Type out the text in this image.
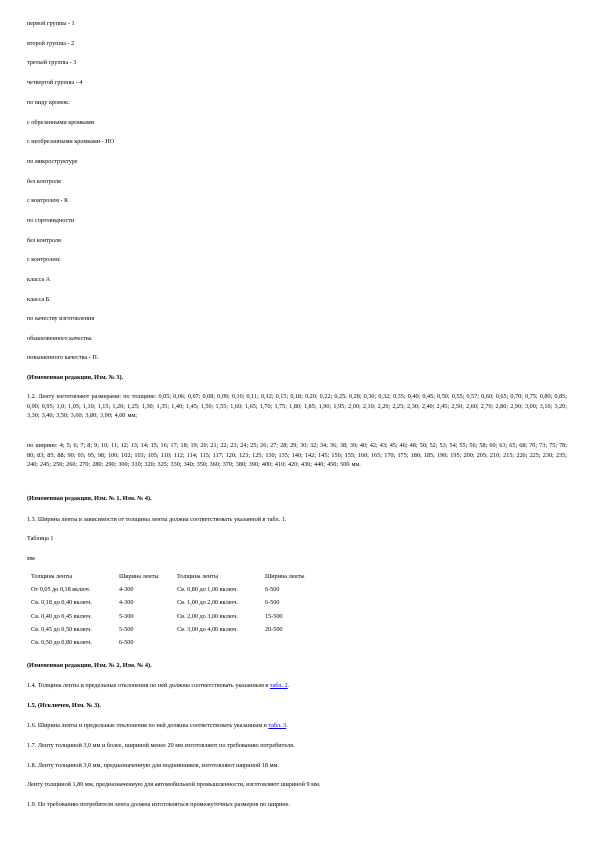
первой группы - 1
второй группы - 2
третьей группы - 3
четвертой группы - 4
по виду кромок:
с обрезанными кромками
с необрезанными кромками - НО
по микроструктуре
без контроля
с контролем - К
по сортовидности
без контроля
с контролем:
класса А
класса Б.
по качеству изготовления
обыкновенного качества
повышенного качества - П.
(Измененная редакция, Изм. № 3).
1.2. Ленту изготовляют размерами: по толщине: 0,05; 0,06; 0,07; 0,08; 0,09; 0,10; 0,11; 0,12; 0,15; 0,18; 0,20; 0,22; 0,25; 0,28; 0,30; 0,32; 0,35; 0,40; 0,45; 0,50; 0,55; 0,57; 0,60; 0,65; 0,70; 0,75; 0,80; 0,85; 0,90; 0,95; 1,0; 1,05; 1,10; 1,15; 1,20; 1,25; 1,30; 1,35; 1,40; 1,45; 1,50; 1,55; 1,60; 1,65; 1,70; 1,75; 1,80; 1,85; 1,90; 1,95; 2,00; 2,10; 2,20; 2,25; 2,30; 2,40; 2,45; 2,50; 2,60; 2,70; 2,80; 2,90; 3,00; 3,10; 3,20; 3,30; 3,40; 3,50; 3,60; 3,80; 3,90; 4,00 мм;
по ширине: 4; 5; 6; 7; 8; 9; 10; 11; 12; 13; 14; 15; 16; 17; 18; 19; 20; 21; 22; 23; 24; 25; 26; 27; 28; 29; 30; 32; 34; 36; 38; 39; 40; 42; 43; 45; 46; 48; 50; 52; 53; 54; 55; 56; 58; 60; 63; 65; 68; 70; 73; 75; 78; 80; 83; 85; 88; 90; 93; 95; 98; 100; 102; 103; 105; 110; 112; 114; 115; 117; 120; 123; 125; 130; 135; 140; 142; 145; 150; 155; 160; 165; 170; 175; 180; 185; 190; 195; 200; 205; 210; 215; 220; 225; 230; 235; 240; 245; 250; 260; 270; 280; 290; 300; 310; 320; 325; 330; 340; 350; 360; 370; 380; 390; 400; 410; 420; 430; 440; 450; 500 мм.
(Измененная редакция, Изм. № 1, Изм. № 4).
1.3. Ширина ленты в зависимости от толщины ленты должна соответствовать указанной в табл. 1.
Таблица 1
мм
Толщина ленты	Ширина ленты	Толщина ленты	Ширина ленты
От 0,05 до 0,18 включ.	4-300	Св. 0,80 до 1,00 включ.	6-500
Св. 0,18 до 0,40 включ.	4-300	Св. 1,00 до 2,00 включ.	6-500
Св. 0,40 до 0,45 включ.	5-300	Св. 2,00 до 3,00 включ.	15-500
Св. 0,45 до 0,50 включ.	5-500	Св. 3,00 до 4,00 включ.	20-500
Св. 0,50 до 0,80 включ.	6-500		
(Измененная редакция, Изм. № 2, Изм. № 4).
1.4. Толщина ленты и предельные отклонения по ней должны соответствовать указанным в табл. 2.
1.5. (Исключен, Изм. № 3).
1.6. Ширина ленты и предельные отклонения по ней должны соответствовать указанным в табл. 3.
1.7. Ленту толщиной 3,0 мм и более, шириной менее 20 мм изготовляют по требованию потребителя.
1.8. Ленту толщиной 3,0 мм, предназначенную для подшипников, изготовляют шириной 18 мм.
Ленту толщиной 1,80 мм, предназначенную для автомобильной промышленности, изготовляют шириной 9 мм.
1.9. По требованию потребителя лента должна изготовляться промежуточных размеров по ширине.
